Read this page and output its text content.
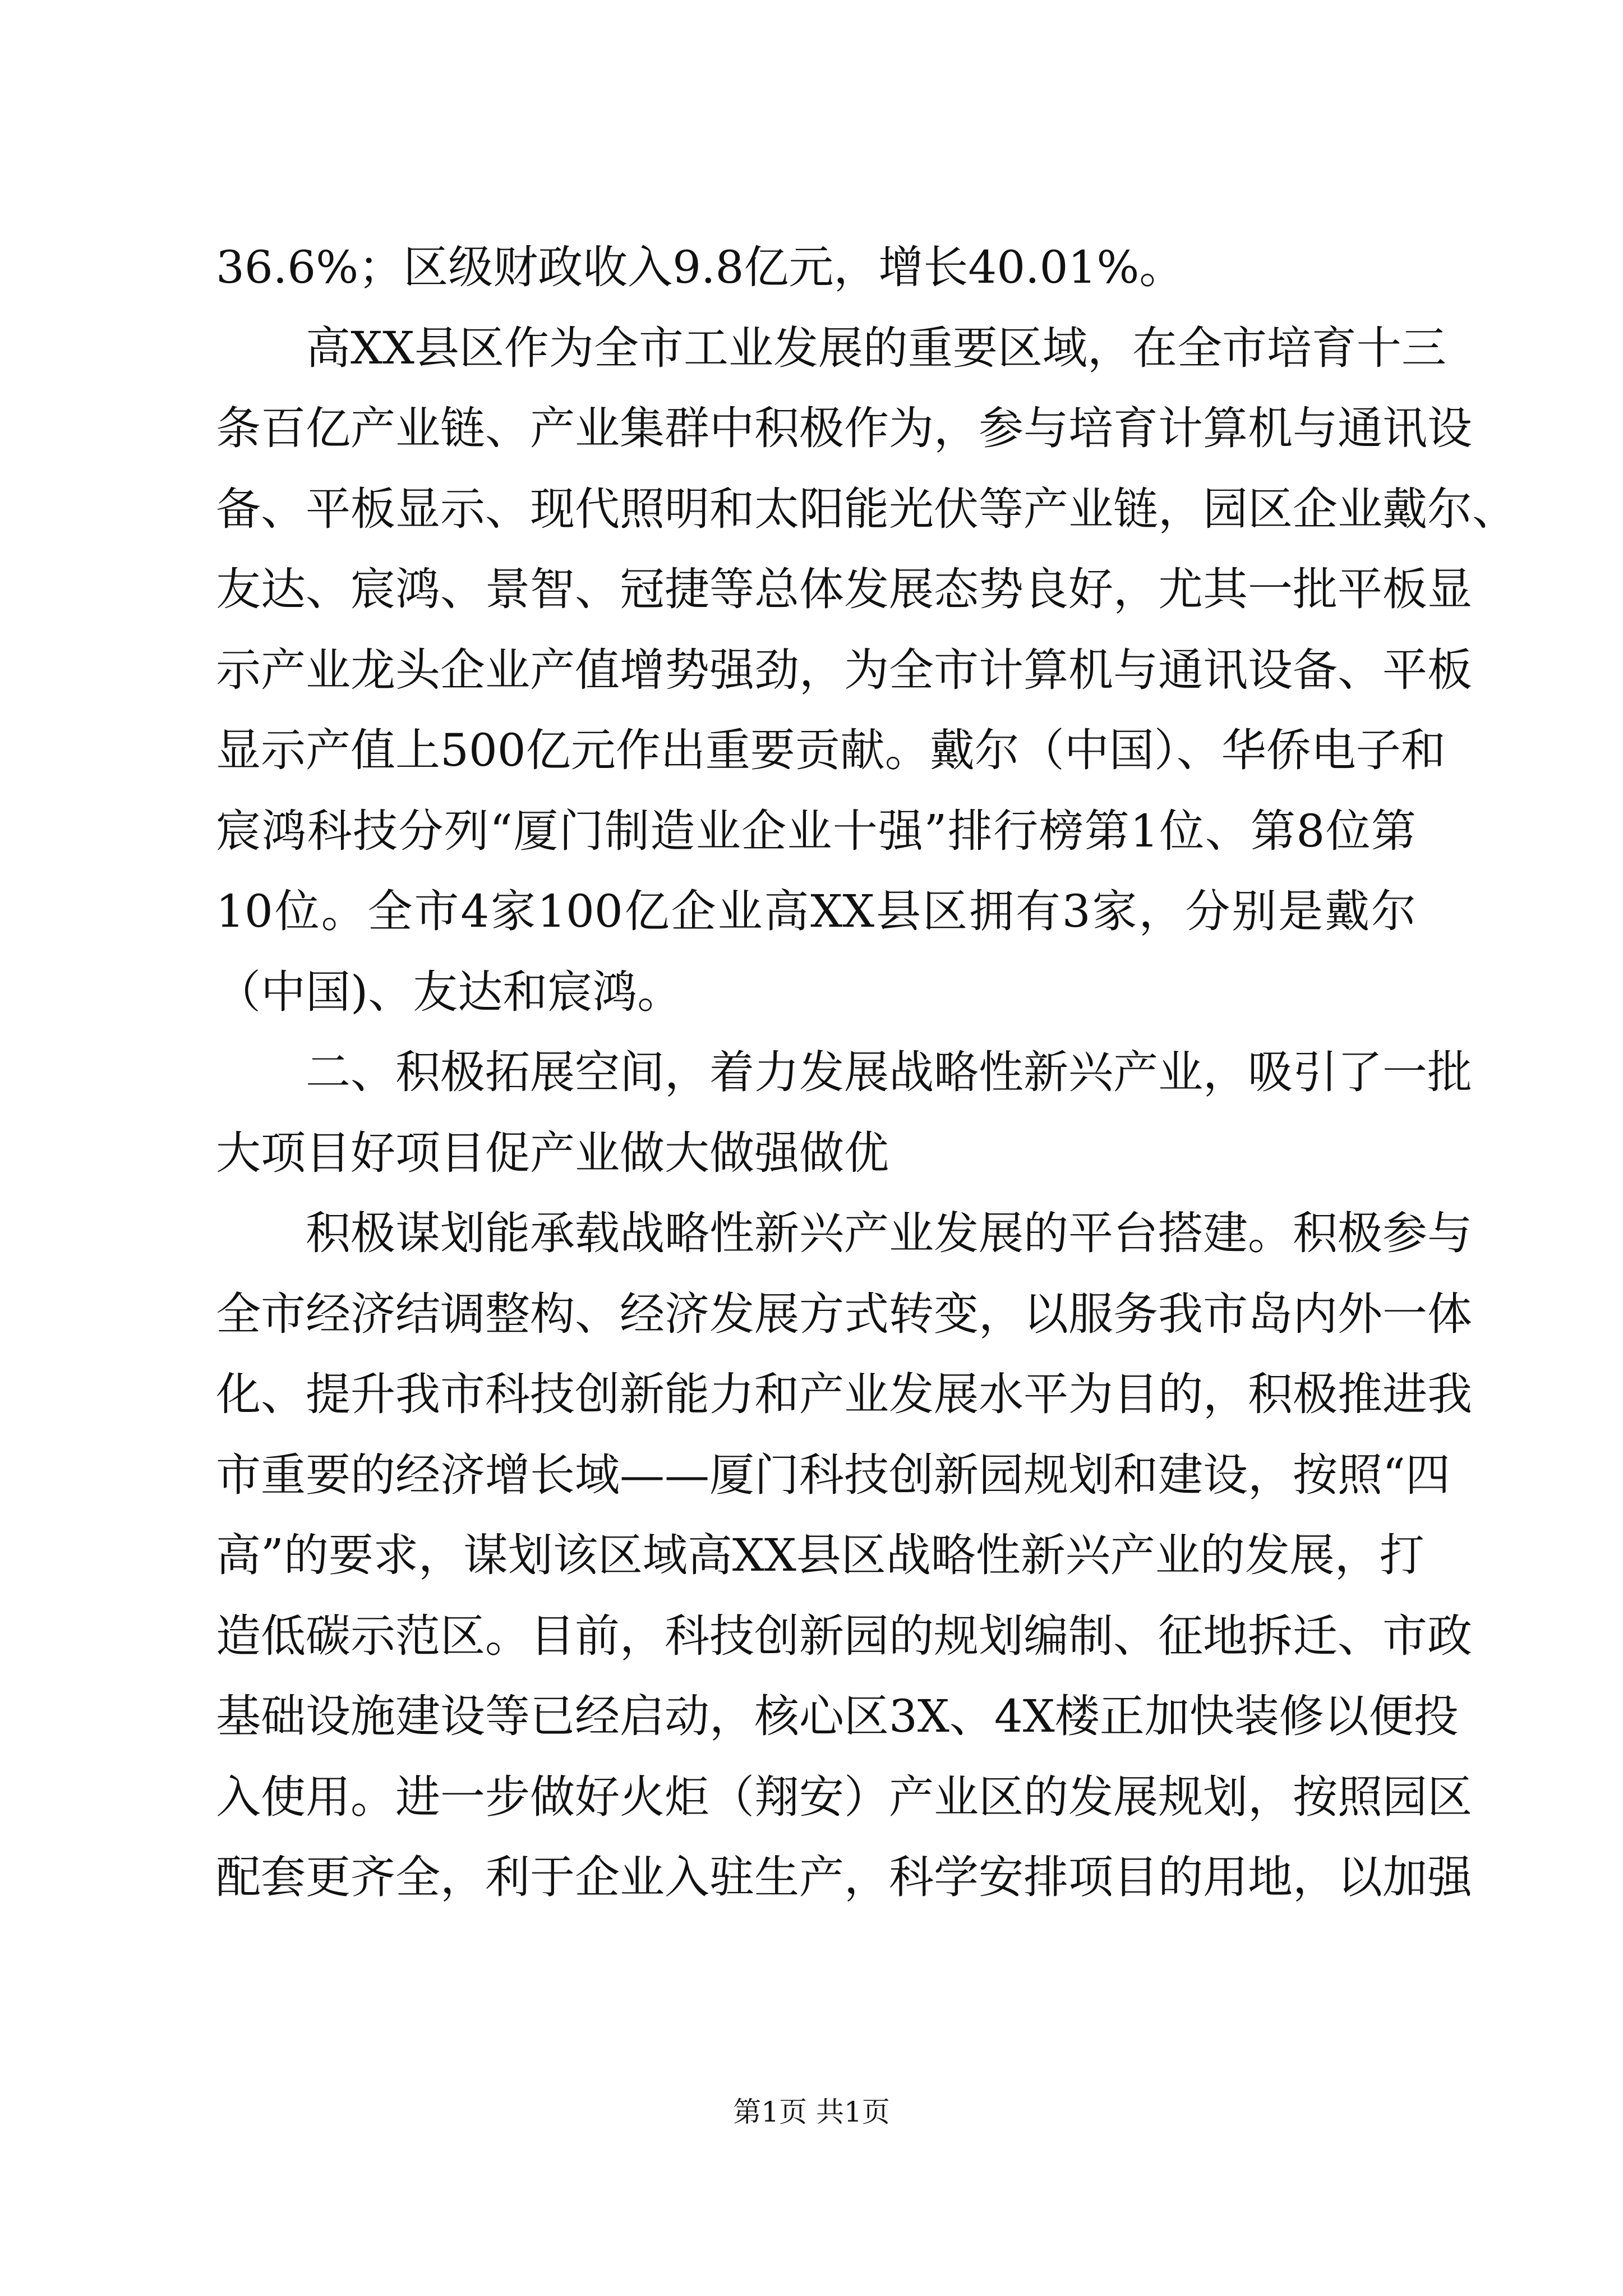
36.6%；区级财政收入9.8亿元，增长40.01%。
高XX县区作为全市工业发展的重要区域，在全市培育十三
条百亿产业链、产业集群中积极作为，参与培育计算机与通讯设
备、平板显示、现代照明和太阳能光伏等产业链，园区企业戴尔、
友达、宸鸿、景智、冠捷等总体发展态势良好，尤其一批平板显
示产业龙头企业产值增势强劲，为全市计算机与通讯设备、平板
显示产值上500亿元作出重要贡献。戴尔（中国）、华侨电子和
宸鸿科技分列“厦门制造业企业十强”排行榜第1位、第8位第
10位。全市4家100亿企业高XX县区拥有3家，分别是戴尔
（中国)、友达和宸鸿。
二、积极拓展空间，着力发展战略性新兴产业，吸引了一批
大项目好项目促产业做大做强做优
积极谋划能承载战略性新兴产业发展的平台搭建。积极参与
全市经济结调整构、经济发展方式转变，以服务我市岛内外一体
化、提升我市科技创新能力和产业发展水平为目的，积极推进我
市重要的经济增长域——厦门科技创新园规划和建设，按照“四
高”的要求，谋划该区域高XX县区战略性新兴产业的发展，打
造低碳示范区。目前，科技创新园的规划编制、征地拆迁、市政
基础设施建设等已经启动，核心区3X、4X楼正加快装修以便投
入使用。进一步做好火炬（翔安）产业区的发展规划，按照园区
配套更齐全，利于企业入驻生产，科学安排项目的用地，以加强
第1页 共1页
